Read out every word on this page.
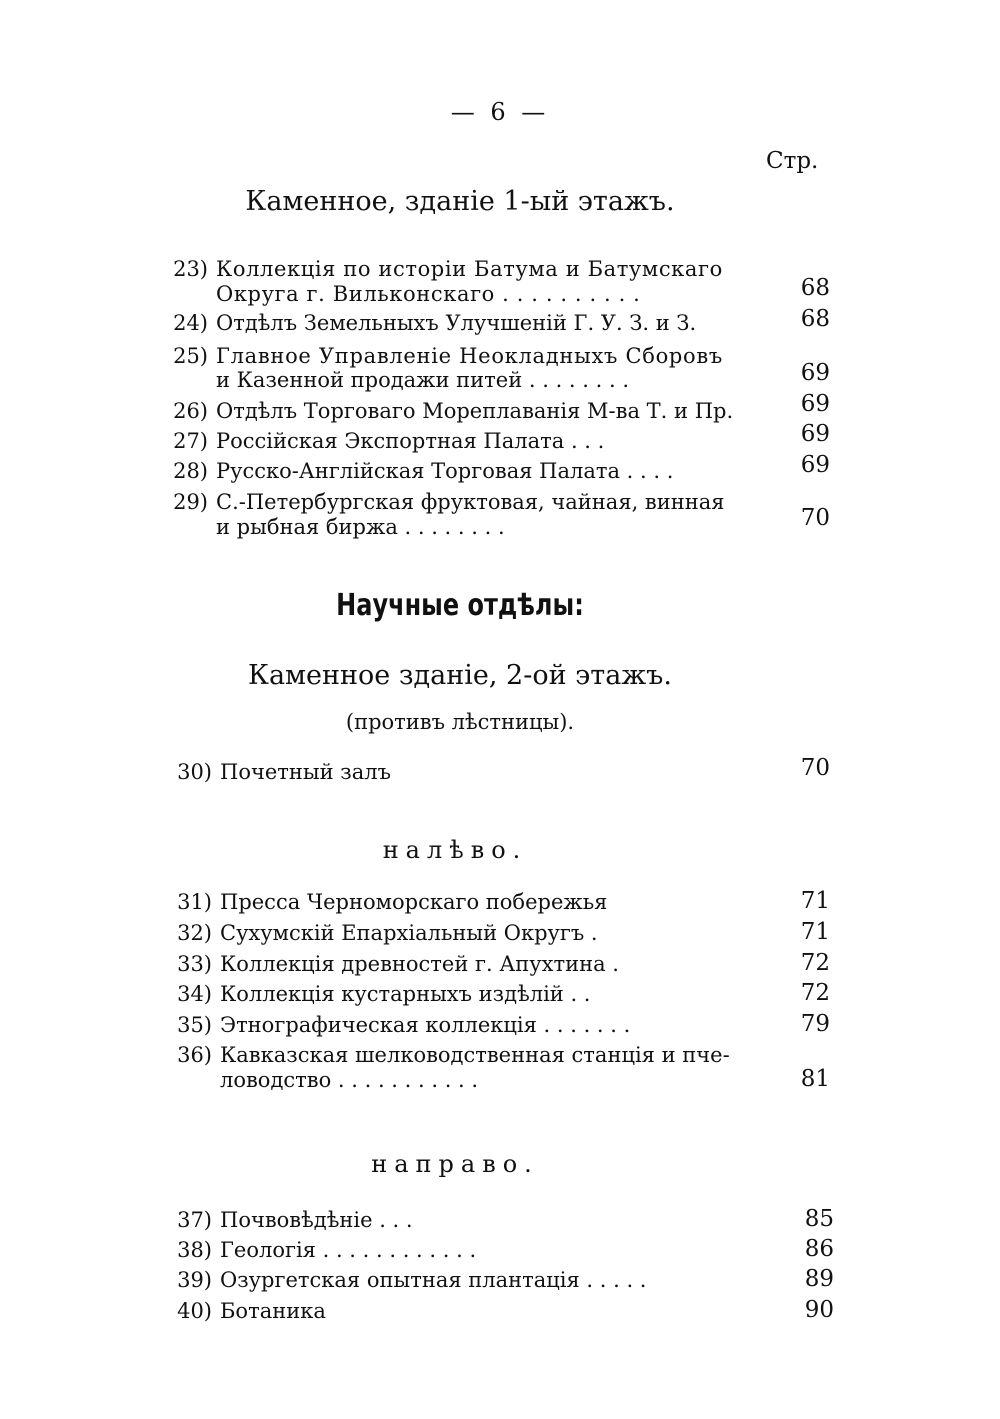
— 6 —
Стр.
Каменное, зданіе 1-ый этажъ.
23) Коллекція по исторіи Батума и Батумскаго
Округа г. Вильконскаго . . . . . . . . . .	68
24) Отдѣлъ Земельныхъ Улучшеній Г. У. З. и З.	68
25) Главное Управленіе Неокладныхъ Сборовъ
и Казенной продажи питей . . . . . . . .	69
26) Отдѣлъ Торговаго Мореплаванія М-ва Т. и Пр.	69
27) Россійская Экспортная Палата . . .	69
28) Русско-Англійская Торговая Палата . . . .	69
29) С.-Петербургская фруктовая, чайная, винная
и рыбная биржа . . . . . . . .	70
Научные отдѣлы:
Каменное зданіе, 2-ой этажъ.
(противъ лѣстницы).
30) Почетный залъ	70
налѣво.
31) Пресса Черноморскаго побережья	71
32) Сухумскій Епархіальный Округъ .	71
33) Коллекція древностей г. Апухтина .	72
34) Коллекція кустарныхъ издѣлій . .	72
35) Этнографическая коллекція . . . . . . .	79
36) Кавказская шелководственная станція и пче-
ловодство . . . . . . . . . . .	81
направо.
37) Почвовѣдѣніе . . .	85
38) Геологія . . . . . . . . . . . .	86
39) Озургетская опытная плантація . . . . .	89
40) Ботаника	90
